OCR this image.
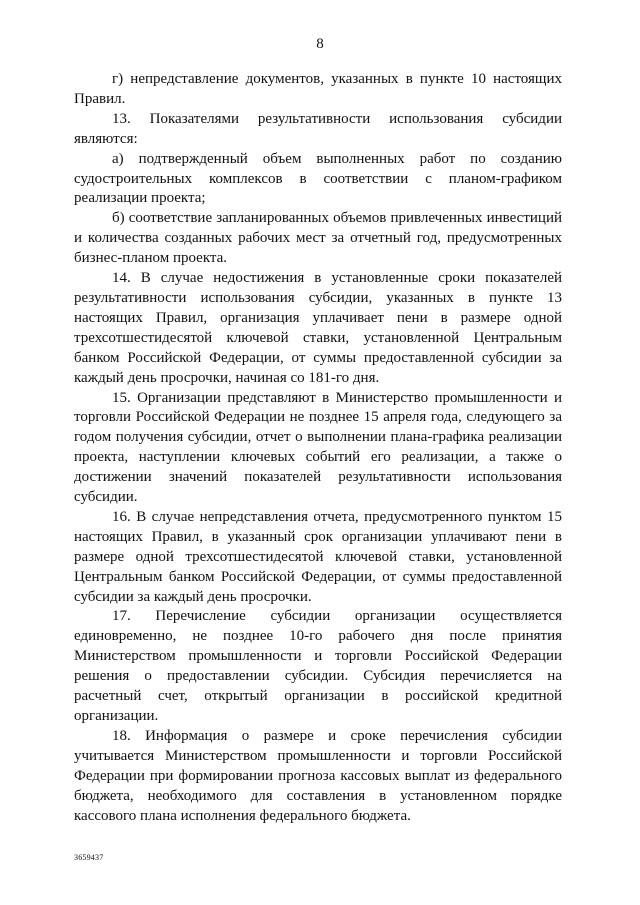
8

г) непредставление документов, указанных в пункте 10 настоящих Правил.

13. Показателями результативности использования субсидии являются:

а) подтвержденный объем выполненных работ по созданию судостроительных комплексов в соответствии с планом-графиком реализации проекта;

б) соответствие запланированных объемов привлеченных инвестиций и количества созданных рабочих мест за отчетный год, предусмотренных бизнес-планом проекта.

14. В случае недостижения в установленные сроки показателей результативности использования субсидии, указанных в пункте 13 настоящих Правил, организация уплачивает пени в размере одной трехсотшестидесятой ключевой ставки, установленной Центральным банком Российской Федерации, от суммы предоставленной субсидии за каждый день просрочки, начиная со 181-го дня.

15. Организации представляют в Министерство промышленности и торговли Российской Федерации не позднее 15 апреля года, следующего за годом получения субсидии, отчет о выполнении плана-графика реализации проекта, наступлении ключевых событий его реализации, а также о достижении значений показателей результативности использования субсидии.

16. В случае непредставления отчета, предусмотренного пунктом 15 настоящих Правил, в указанный срок организации уплачивают пени в размере одной трехсотшестидесятой ключевой ставки, установленной Центральным банком Российской Федерации, от суммы предоставленной субсидии за каждый день просрочки.

17. Перечисление субсидии организации осуществляется единовременно, не позднее 10-го рабочего дня после принятия Министерством промышленности и торговли Российской Федерации решения о предоставлении субсидии. Субсидия перечисляется на расчетный счет, открытый организации в российской кредитной организации.

18. Информация о размере и сроке перечисления субсидии учитывается Министерством промышленности и торговли Российской Федерации при формировании прогноза кассовых выплат из федерального бюджета, необходимого для составления в установленном порядке кассового плана исполнения федерального бюджета.

3659437
